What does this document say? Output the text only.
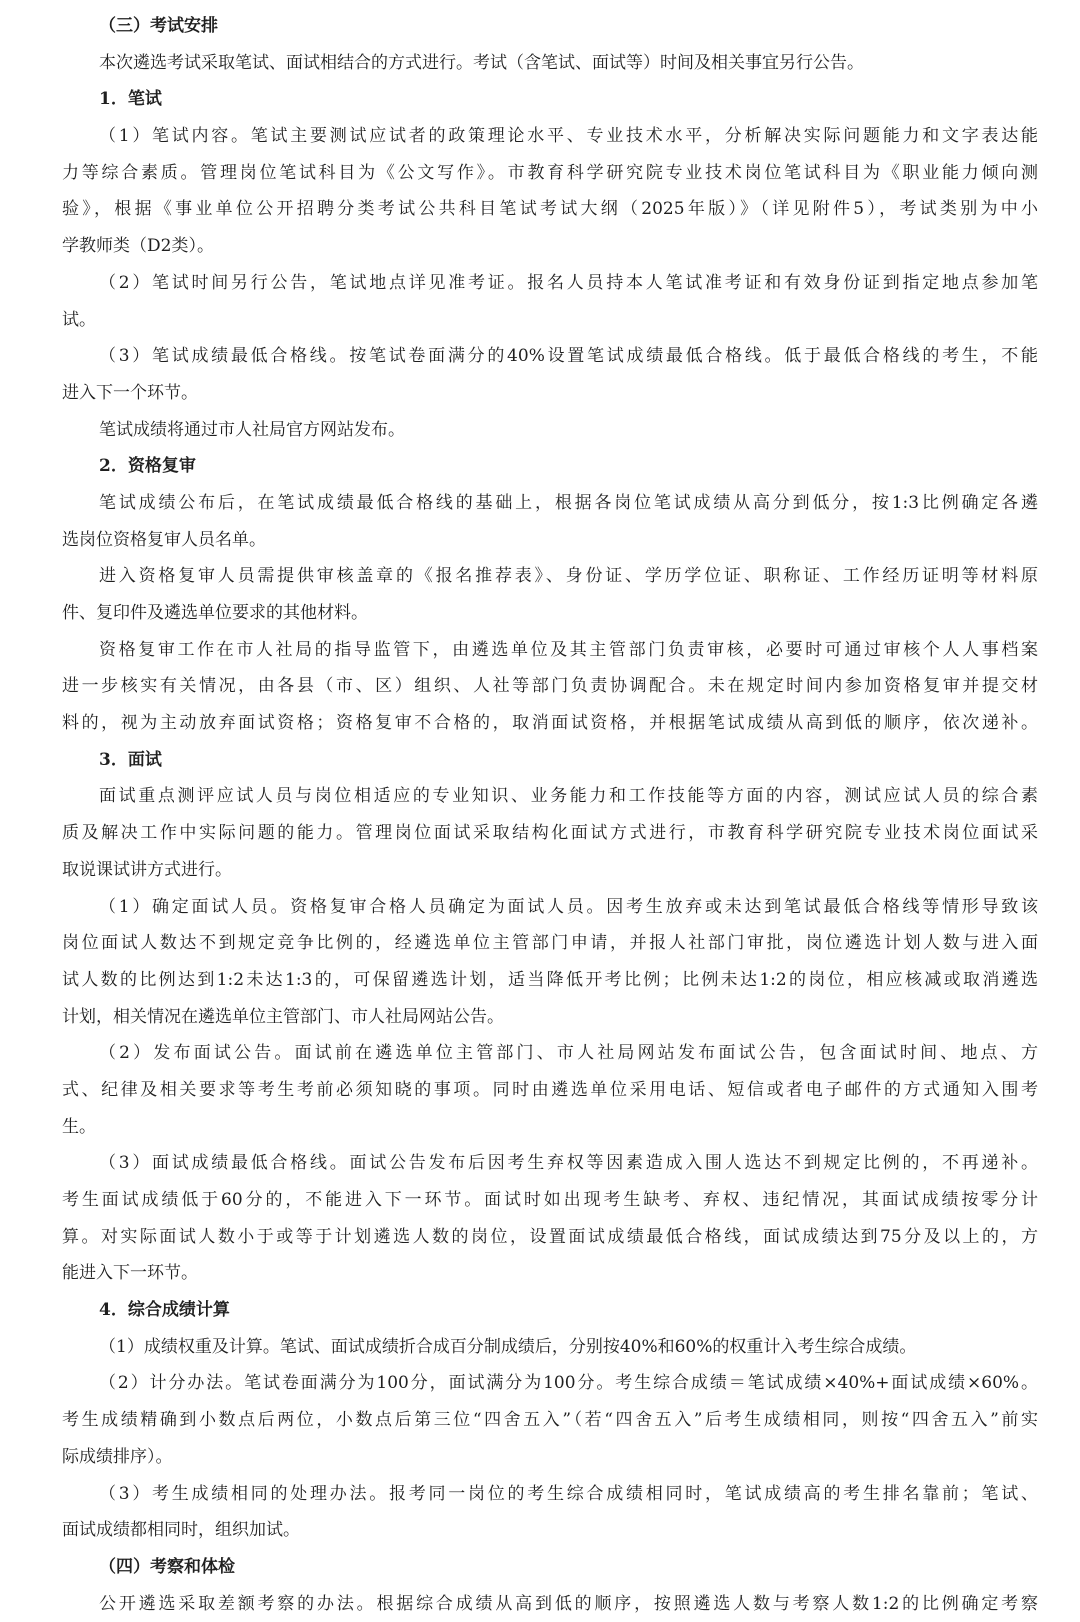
（三）考试安排
本次遴选考试采取笔试、面试相结合的方式进行。考试（含笔试、面试等）时间及相关事宜另行公告。
1．笔试
（1）笔试内容。笔试主要测试应试者的政策理论水平、专业技术水平，分析解决实际问题能力和文字表达能
力等综合素质。管理岗位笔试科目为《公文写作》。市教育科学研究院专业技术岗位笔试科目为《职业能力倾向测
验》，根据《事业单位公开招聘分类考试公共科目笔试考试大纲（2025年版）》（详见附件5），考试类别为中小
学教师类（D2类）。
（2）笔试时间另行公告，笔试地点详见准考证。报名人员持本人笔试准考证和有效身份证到指定地点参加笔
试。
（3）笔试成绩最低合格线。按笔试卷面满分的40%设置笔试成绩最低合格线。低于最低合格线的考生，不能
进入下一个环节。
笔试成绩将通过市人社局官方网站发布。
2．资格复审
笔试成绩公布后，在笔试成绩最低合格线的基础上，根据各岗位笔试成绩从高分到低分，按1:3比例确定各遴
选岗位资格复审人员名单。
进入资格复审人员需提供审核盖章的《报名推荐表》、身份证、学历学位证、职称证、工作经历证明等材料原
件、复印件及遴选单位要求的其他材料。
资格复审工作在市人社局的指导监管下，由遴选单位及其主管部门负责审核，必要时可通过审核个人人事档案
进一步核实有关情况，由各县（市、区）组织、人社等部门负责协调配合。未在规定时间内参加资格复审并提交材
料的，视为主动放弃面试资格；资格复审不合格的，取消面试资格，并根据笔试成绩从高到低的顺序，依次递补。
3．面试
面试重点测评应试人员与岗位相适应的专业知识、业务能力和工作技能等方面的内容，测试应试人员的综合素
质及解决工作中实际问题的能力。管理岗位面试采取结构化面试方式进行，市教育科学研究院专业技术岗位面试采
取说课试讲方式进行。
（1）确定面试人员。资格复审合格人员确定为面试人员。因考生放弃或未达到笔试最低合格线等情形导致该
岗位面试人数达不到规定竞争比例的，经遴选单位主管部门申请，并报人社部门审批，岗位遴选计划人数与进入面
试人数的比例达到1:2未达1:3的，可保留遴选计划，适当降低开考比例；比例未达1:2的岗位，相应核减或取消遴选
计划，相关情况在遴选单位主管部门、市人社局网站公告。
（2）发布面试公告。面试前在遴选单位主管部门、市人社局网站发布面试公告，包含面试时间、地点、方
式、纪律及相关要求等考生考前必须知晓的事项。同时由遴选单位采用电话、短信或者电子邮件的方式通知入围考
生。
（3）面试成绩最低合格线。面试公告发布后因考生弃权等因素造成入围人选达不到规定比例的，不再递补。
考生面试成绩低于60分的，不能进入下一环节。面试时如出现考生缺考、弃权、违纪情况，其面试成绩按零分计
算。对实际面试人数小于或等于计划遴选人数的岗位，设置面试成绩最低合格线，面试成绩达到75分及以上的，方
能进入下一环节。
4．综合成绩计算
（1）成绩权重及计算。笔试、面试成绩折合成百分制成绩后，分别按40%和60%的权重计入考生综合成绩。
（2）计分办法。笔试卷面满分为100分，面试满分为100分。考生综合成绩＝笔试成绩×40%+面试成绩×60%。
考生成绩精确到小数点后两位，小数点后第三位“四舍五入”（若“四舍五入”后考生成绩相同，则按“四舍五入”前实
际成绩排序）。
（3）考生成绩相同的处理办法。报考同一岗位的考生综合成绩相同时，笔试成绩高的考生排名靠前；笔试、
面试成绩都相同时，组织加试。
（四）考察和体检
公开遴选采取差额考察的办法。根据综合成绩从高到低的顺序，按照遴选人数与考察人数1:2的比例确定考察
